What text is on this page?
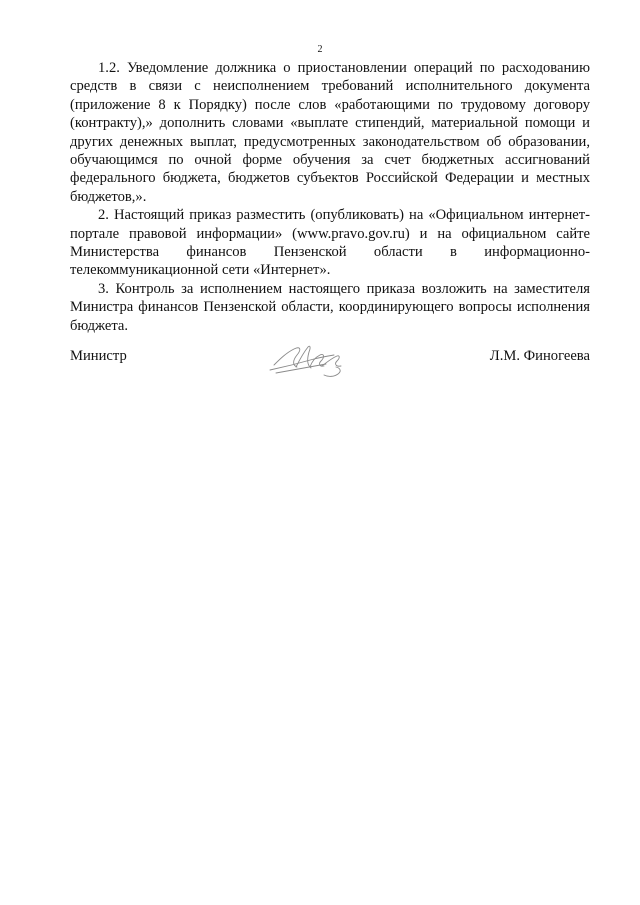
2

1.2. Уведомление должника о приостановлении операций по расходованию средств в связи с неисполнением требований исполнительного документа (приложение 8 к Порядку) после слов «работающими по трудовому договору (контракту),» дополнить словами «выплате стипендий, материальной помощи и других денежных выплат, предусмотренных законодательством об образовании, обучающимся по очной форме обучения за счет бюджетных ассигнований федерального бюджета, бюджетов субъектов Российской Федерации и местных бюджетов,».

2. Настоящий приказ разместить (опубликовать) на «Официальном интернет-портале правовой информации» (www.pravo.gov.ru) и на официальном сайте Министерства финансов Пензенской области в информационно-телекоммуникационной сети «Интернет».

3. Контроль за исполнением настоящего приказа возложить на заместителя Министра финансов Пензенской области, координирующего вопросы исполнения бюджета.

Министр	Л.М. Финогеева
